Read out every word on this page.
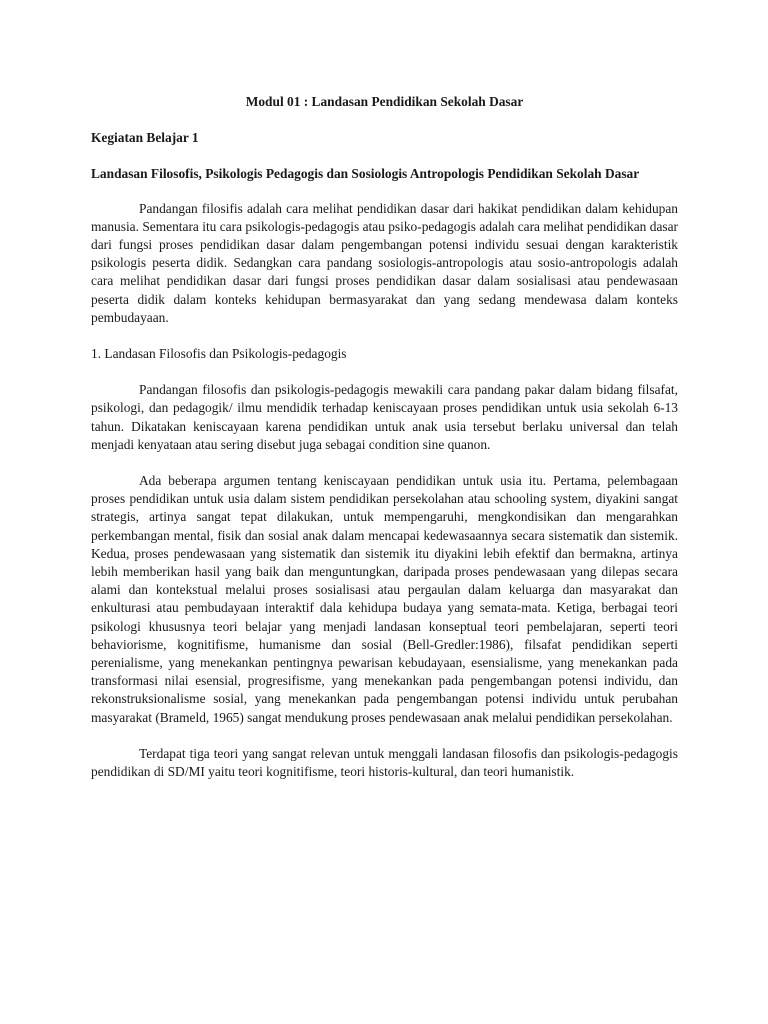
Modul 01 : Landasan Pendidikan Sekolah Dasar

Kegiatan Belajar 1

Landasan Filosofis, Psikologis Pedagogis dan Sosiologis Antropologis Pendidikan Sekolah Dasar

Pandangan filosifis adalah cara melihat pendidikan dasar dari hakikat pendidikan dalam kehidupan manusia. Sementara itu cara psikologis-pedagogis atau psiko-pedagogis adalah cara melihat pendidikan dasar dari fungsi proses pendidikan dasar dalam pengembangan potensi individu sesuai dengan karakteristik psikologis peserta didik. Sedangkan cara pandang sosiologis-antropologis atau sosio-antropologis adalah cara melihat pendidikan dasar dari fungsi proses pendidikan dasar dalam sosialisasi atau pendewasaan peserta didik dalam konteks kehidupan bermasyarakat dan yang sedang mendewasa dalam konteks pembudayaan.

1. Landasan Filosofis dan Psikologis-pedagogis

Pandangan filosofis dan psikologis-pedagogis mewakili cara pandang pakar dalam bidang filsafat, psikologi, dan pedagogik/ ilmu mendidik terhadap keniscayaan proses pendidikan untuk usia sekolah 6-13 tahun. Dikatakan keniscayaan karena pendidikan untuk anak usia tersebut berlaku universal dan telah menjadi kenyataan atau sering disebut juga sebagai condition sine quanon.

Ada beberapa argumen tentang keniscayaan pendidikan untuk usia itu. Pertama, pelembagaan proses pendidikan untuk usia dalam sistem pendidikan persekolahan atau schooling system, diyakini sangat strategis, artinya sangat tepat dilakukan, untuk mempengaruhi, mengkondisikan dan mengarahkan perkembangan mental, fisik dan sosial anak dalam mencapai kedewasaannya secara sistematik dan sistemik. Kedua, proses pendewasaan yang sistematik dan sistemik itu diyakini lebih efektif dan bermakna, artinya lebih memberikan hasil yang baik dan menguntungkan, daripada proses pendewasaan yang dilepas secara alami dan kontekstual melalui proses sosialisasi atau pergaulan dalam keluarga dan masyarakat dan enkulturasi atau pembudayaan interaktif dala kehidupa budaya yang semata-mata. Ketiga, berbagai teori psikologi khususnya teori belajar yang menjadi landasan konseptual teori pembelajaran, seperti teori behaviorisme, kognitifisme, humanisme dan sosial (Bell-Gredler:1986), filsafat pendidikan seperti perenialisme, yang menekankan pentingnya pewarisan kebudayaan, esensialisme, yang menekankan pada transformasi nilai esensial, progresifisme, yang menekankan pada pengembangan potensi individu, dan rekonstruksionalisme sosial, yang menekankan pada pengembangan potensi individu untuk perubahan masyarakat (Brameld, 1965) sangat mendukung proses pendewasaan anak melalui pendidikan persekolahan.

Terdapat tiga teori yang sangat relevan untuk menggali landasan filosofis dan psikologis-pedagogis pendidikan di SD/MI yaitu teori kognitifisme, teori historis-kultural, dan teori humanistik.
